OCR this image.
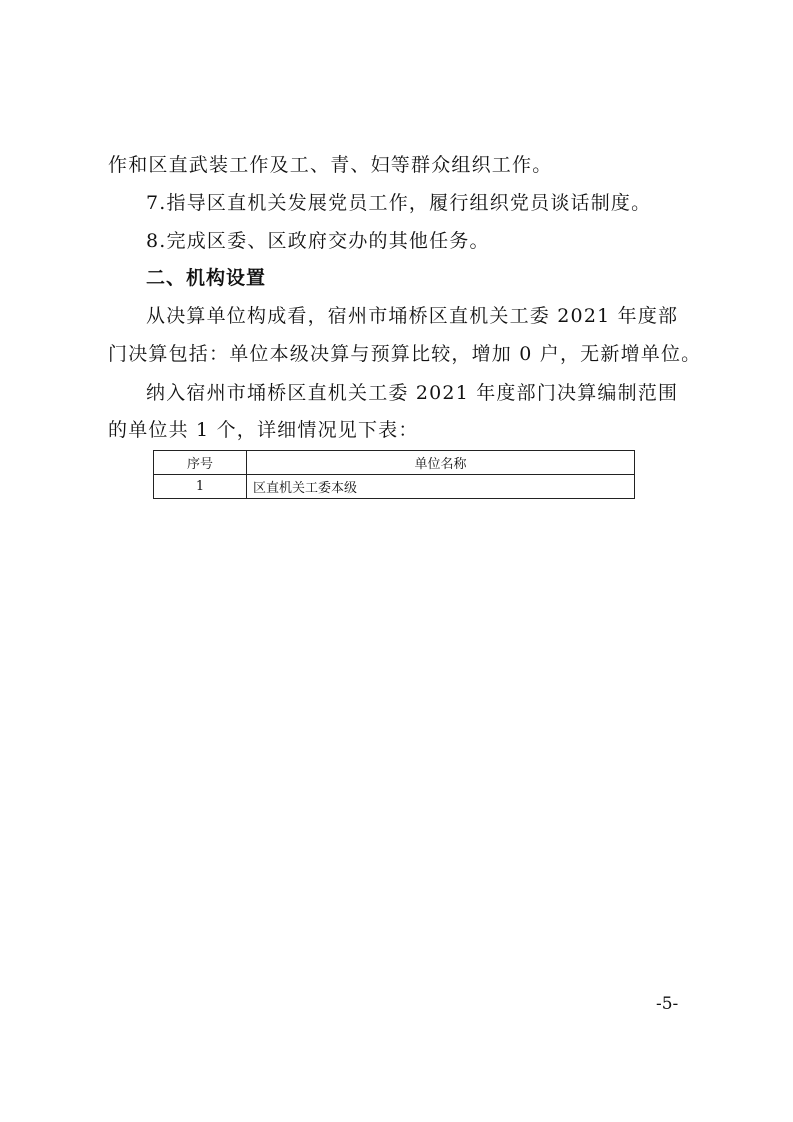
作和区直武装工作及工、青、妇等群众组织工作。
7.指导区直机关发展党员工作，履行组织党员谈话制度。
8.完成区委、区政府交办的其他任务。
二、机构设置
从决算单位构成看，宿州市埇桥区直机关工委 2021 年度部
门决算包括：单位本级决算与预算比较，增加 0 户，无新增单位。
纳入宿州市埇桥区直机关工委 2021 年度部门决算编制范围
的单位共 1 个，详细情况见下表：
序号	单位名称
1	区直机关工委本级
-5-
